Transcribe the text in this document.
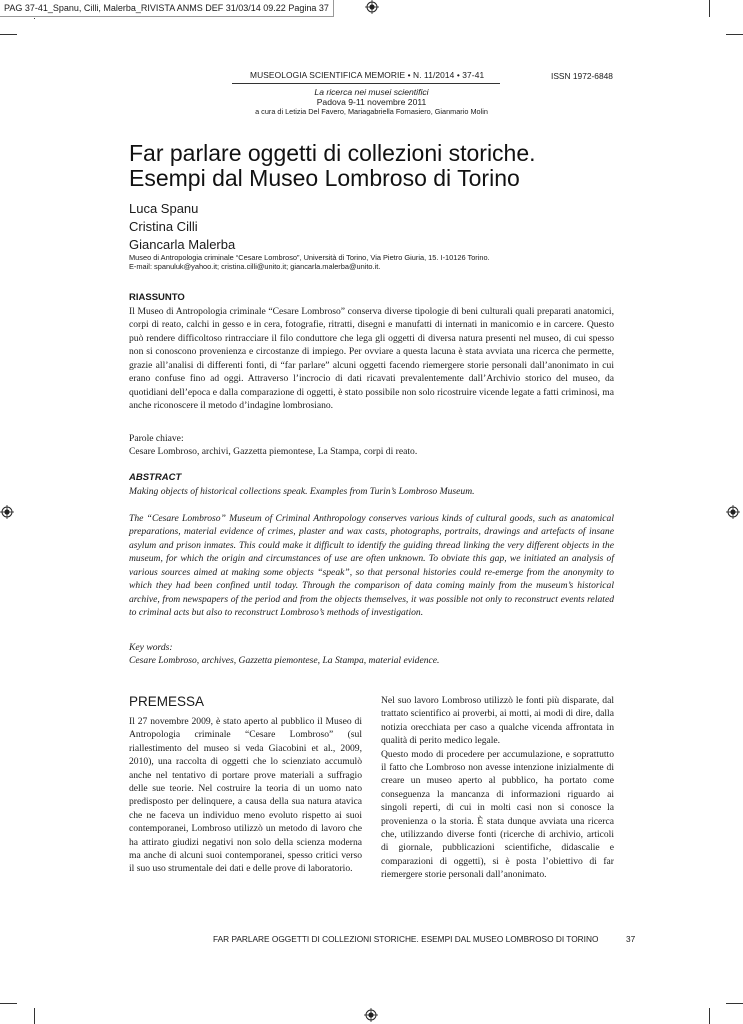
PAG 37-41_Spanu, Cilli, Malerba_RIVISTA ANMS DEF 31/03/14 09.22 Pagina 37
MUSEOLOGIA SCIENTIFICA MEMORIE • N. 11/2014 • 37-41	ISSN 1972-6848
La ricerca nei musei scientifici
Padova 9-11 novembre 2011
a cura di Letizia Del Favero, Mariagabriella Fornasiero, Gianmario Molin
Far parlare oggetti di collezioni storiche.
Esempi dal Museo Lombroso di Torino
Luca Spanu
Cristina Cilli
Giancarla Malerba
Museo di Antropologia criminale “Cesare Lombroso”, Università di Torino, Via Pietro Giuria, 15. I-10126 Torino.
E-mail: spanuluk@yahoo.it; cristina.cilli@unito.it; giancarla.malerba@unito.it.
RIASSUNTO

Il Museo di Antropologia criminale “Cesare Lombroso” conserva diverse tipologie di beni culturali quali preparati anatomici, corpi di reato, calchi in gesso e in cera, fotografie, ritratti, disegni e manufatti di internati in manicomio e in carcere. Questo può rendere difficoltoso rintracciare il filo conduttore che lega gli oggetti di diversa natura presenti nel museo, di cui spesso non si conoscono provenienza e circostanze di impiego. Per ovviare a questa lacuna è stata avviata una ricerca che permette, grazie all’analisi di differenti fonti, di “far parlare” alcuni oggetti facendo riemergere storie personali dall’anonimato in cui erano confuse fino ad oggi. Attraverso l’incrocio di dati ricavati prevalentemente dall’Archivio storico del museo, da quotidiani dell’epoca e dalla comparazione di oggetti, è stato possibile non solo ricostruire vicende legate a fatti criminosi, ma anche riconoscere il metodo d’indagine lombrosiano.

Parole chiave:
Cesare Lombroso, archivi, Gazzetta piemontese, La Stampa, corpi di reato.
ABSTRACT
Making objects of historical collections speak. Examples from Turin’s Lombroso Museum.

The “Cesare Lombroso” Museum of Criminal Anthropology conserves various kinds of cultural goods, such as anatomical preparations, material evidence of crimes, plaster and wax casts, photographs, portraits, drawings and artefacts of insane asylum and prison inmates. This could make it difficult to identify the guiding thread linking the very different objects in the museum, for which the origin and circumstances of use are often unknown. To obviate this gap, we initiated an analysis of various sources aimed at making some objects “speak”, so that personal histories could re-emerge from the anonymity to which they had been confined until today. Through the comparison of data coming mainly from the museum’s historical archive, from newspapers of the period and from the objects themselves, it was possible not only to reconstruct events related to criminal acts but also to reconstruct Lombroso’s methods of investigation.

Key words:
Cesare Lombroso, archives, Gazzetta piemontese, La Stampa, material evidence.
PREMESSA

Il 27 novembre 2009, è stato aperto al pubblico il Museo di Antropologia criminale “Cesare Lombroso” (sul riallestimento del museo si veda Giacobini et al., 2009, 2010), una raccolta di oggetti che lo scienziato accumulò anche nel tentativo di portare prove materiali a suffragio delle sue teorie. Nel costruire la teoria di un uomo nato predisposto per delinquere, a causa della sua natura atavica che ne faceva un individuo meno evoluto rispetto ai suoi contemporanei, Lombroso utilizzò un metodo di lavoro che ha attirato giudizi negativi non solo della scienza moderna ma anche di alcuni suoi contemporanei, spesso critici verso il suo uso strumentale dei dati e delle prove di laboratorio.

Nel suo lavoro Lombroso utilizzò le fonti più disparate, dal trattato scientifico ai proverbi, ai motti, ai modi di dire, dalla notizia orecchiata per caso a qualche vicenda affrontata in qualità di perito medico legale.

Questo modo di procedere per accumulazione, e soprattutto il fatto che Lombroso non avesse intenzione inizialmente di creare un museo aperto al pubblico, ha portato come conseguenza la mancanza di informazioni riguardo ai singoli reperti, di cui in molti casi non si conosce la provenienza o la storia. È stata dunque avviata una ricerca che, utilizzando diverse fonti (ricerche di archivio, articoli di giornale, pubblicazioni scientifiche, didascalie e comparazioni di oggetti), si è posta l’obiettivo di far riemergere storie personali dall’anonimato.

FAR PARLARE OGGETTI DI COLLEZIONI STORICHE. ESEMPI DAL MUSEO LOMBROSO DI TORINO	37
